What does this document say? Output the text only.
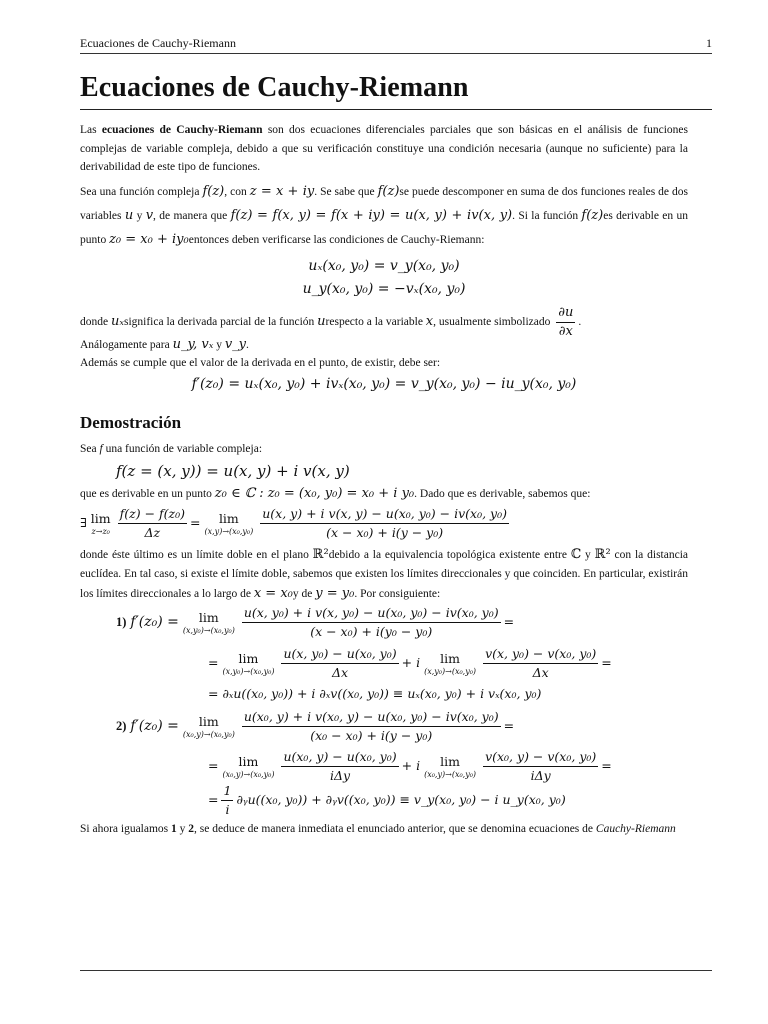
Ecuaciones de Cauchy-Riemann	1
Ecuaciones de Cauchy-Riemann
Las ecuaciones de Cauchy-Riemann son dos ecuaciones diferenciales parciales que son básicas en el análisis de funciones complejas de variable compleja, debido a que su verificación constituye una condición necesaria (aunque no suficiente) para la derivabilidad de este tipo de funciones.
Sea una función compleja f(z), con z = x + iy. Se sabe que f(z)se puede descomponer en suma de dos funciones reales de dos variables u y v, de manera que f(z) = f(x, y) = f(x + iy) = u(x, y) + iv(x, y). Si la función f(z)es derivable en un punto z₀ = x₀ + iy₀entonces deben verificarse las condiciones de Cauchy-Riemann:
uₓ(x₀, y₀) = v_y(x₀, y₀)
u_y(x₀, y₀) = −vₓ(x₀, y₀)
donde uₓsignifica la derivada parcial de la función urespecto a la variable x, usualmente simbolizado $\frac{\partial u}{\partial x}$ .
Análogamente para u_y, vₓ y v_y.
Además se cumple que el valor de la derivada en el punto, de existir, debe ser:
f′(z₀) = uₓ(x₀, y₀) + ivₓ(x₀, y₀) = v_y(x₀, y₀) − iu_y(x₀, y₀)
Demostración
Sea f una función de variable compleja:
f(z = (x, y)) = u(x, y) + i v(x, y)
que es derivable en un punto z₀ ∈ ℂ : z₀ = (x₀, y₀) = x₀ + i y₀. Dado que es derivable, sabemos que:
∃ lim
$z\to z_0 \frac{\text{f(z) − f(z₀)}}{\Delta z}$ =	lim
$(x,y)\to(x_0,y_0) \frac{\text{u(x, y) + i v(x, y) − u(x₀, y₀) − iv(x₀, y₀)}}{\text{(x − x₀) + i(y − y₀)}}$
donde éste último es un límite doble en el plano ℝ²debido a la equivalencia topológica existente entre ℂ y ℝ² con la distancia euclídea. En tal caso, si existe el límite doble, sabemos que existen los límites direccionales y que coinciden. En particular, existirán los límites direccionales a lo largo de x = x₀y de y = y₀. Por consiguiente:
1) f′(z₀) =	lim
$(x,y_0)\to(x_0,y_0) \frac{\text{u(x, y₀) + i v(x, y₀) − u(x₀, y₀) − iv(x₀, y₀)}}{\text{(x − x₀) + i(y₀ − y₀)}}$ =
=	lim
$(x,y_0)\to(x_0,y_0) \frac{\text{u(x, y₀) − u(x₀, y₀)}}{\Delta x} + i$	lim
$(x,y_0)\to(x_0,y_0) \frac{\text{v(x, y₀) − v(x₀, y₀)}}{\Delta x}$ =
= ∂ₓu((x₀, y₀)) + i ∂ₓv((x₀, y₀)) ≡ uₓ(x₀, y₀) + i vₓ(x₀, y₀)
2) f′(z₀) =	lim
$(x_0,y)\to(x_0,y_0) \frac{\text{u(x₀, y) + i v(x₀, y) − u(x₀, y₀) − iv(x₀, y₀)}}{\text{(x₀ − x₀) + i(y − y₀)}}$ =
=	lim
$(x_0,y)\to(x_0,y_0) \frac{\text{u(x₀, y) − u(x₀, y₀)}}{\text{iΔy}} + i$	lim
$(x_0,y)\to(x_0,y_0) \frac{\text{v(x₀, y) − v(x₀, y₀)}}{\text{iΔy}}$ =
= $\frac{1}{i}$ ∂ᵧu((x₀, y₀)) + ∂ᵧv((x₀, y₀)) ≡ v_y(x₀, y₀) − i u_y(x₀, y₀)
Si ahora igualamos 1 y 2, se deduce de manera inmediata el enunciado anterior, que se denomina ecuaciones de Cauchy-Riemann
